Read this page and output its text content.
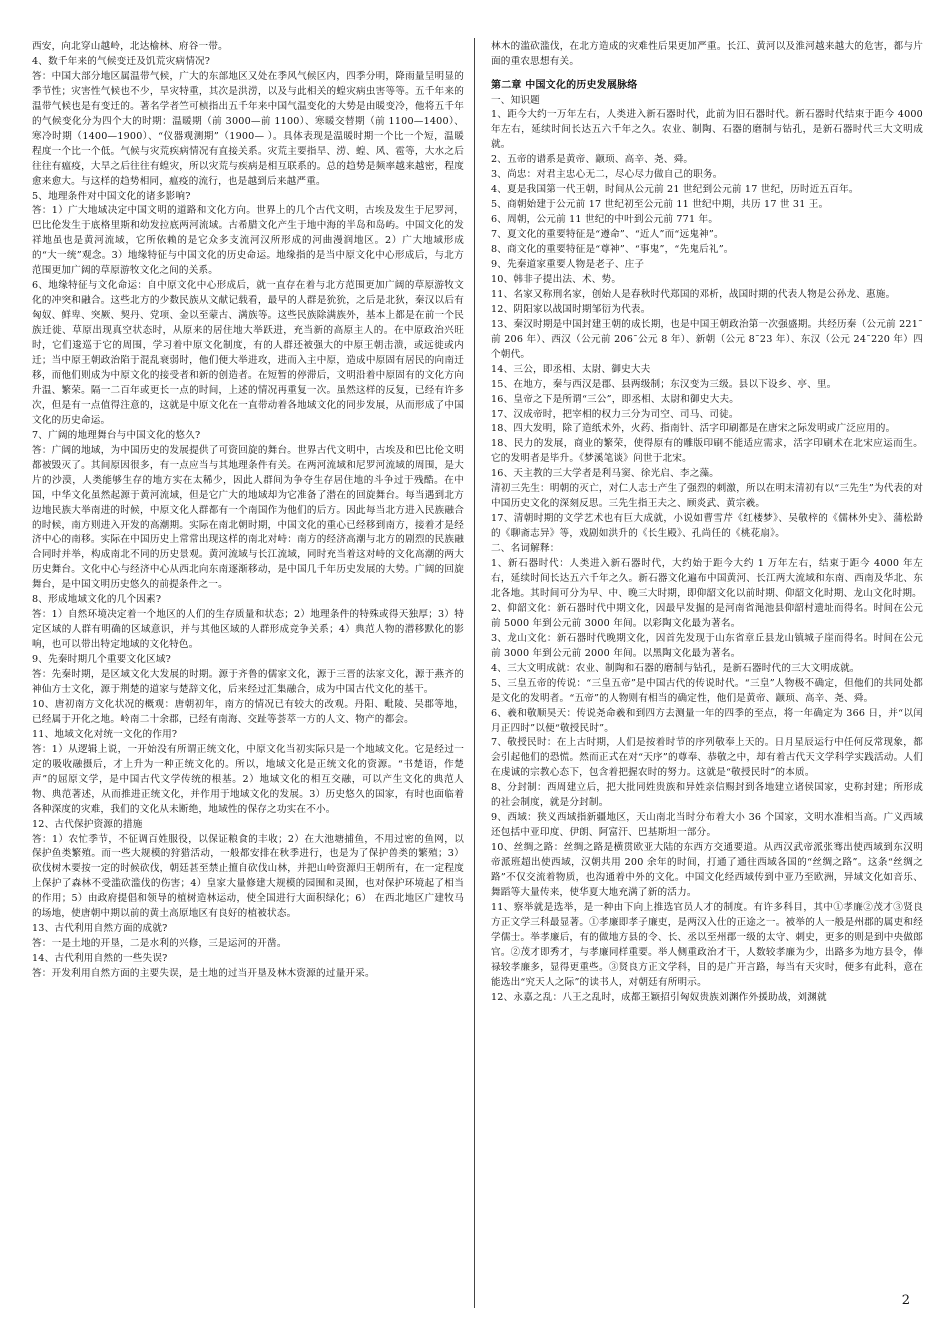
西安，向北穿山越岭，北达榆林、府谷一带。

4、数千年来的气候变迁及饥荒灾病情况?

答：中国大部分地区属温带气候，广大的东部地区又处在季风气候区内，四季分明，降雨量呈明显的季节性；灾害性气候也不少，旱灾特重，其次是洪涝，以及与此相关的蝗灾病虫害等等。五千年来的温带气候也是有变迁的。著名学者竺可桢指出五千年来中国气温变化的大势是由暖变冷，他将五千年的气候变化分为四个大的时期：温暖期（前 3000—前 1100）、寒暖交替期（前 1100—1400）、寒冷时期（1400—1900）、“仪器观测期”（1900— ）。具体表现是温暖时期一个比一个短，温暖程度一个比一个低。气候与灾荒疾病情况有直接关系。灾荒主要指旱、涝、蝗、风、雹等，大水之后往往有瘟疫，大旱之后往往有蝗灾，所以灾荒与疾病是相互联系的。总的趋势是频率越来越密，程度愈来愈大。与这样的趋势相同，瘟疫的流行，也是越到后来越严重。

5、地理条件对中国文化的诸多影响?

答：1）广大地域决定中国文明的道路和文化方向。世界上的几个古代文明，古埃及发生于尼罗河，巴比伦发生于底格里斯和幼发拉底两河流域。古希腊文化产生于地中海的半岛和岛屿。中国文化的发祥地虽也是黄河流域，它所依赖的是它众多支流河汉所形成的河曲漫润地区。2）广大地域形成的“大一统”观念。3）地缘特征与中国文化的历史命运。地缘指的是当中原文化中心形成后，与北方范围更加广阔的草原游牧文化之间的关系。

6、地缘特征与文化命运：自中原文化中心形成后，就一直存在着与北方范围更加广阔的草原游牧文化的冲突和融合。这些北方的少数民族从文献记载看，最早的人群是狁狁，之后是北狄，秦汉以后有匈奴、鲜卑、突厥、契丹、党项、金以至蒙古、满族等。这些民族除满族外，基本上都是在前一个民族迁徙、草原出现真空状态时，从原来的居住地大举跃进，充当新的高原主人的。在中原政治兴旺时，它们逡巡于它的周围，学习着中原文化制度，有的人群还被强大的中原王朝击溃，或远徙或内迁；当中原王朝政治陷于混乱衰弱时，他们便大举进攻，进而入主中原，造成中原固有居民的向南迁移，而他们则成为中原文化的接受者和新的创造者。在短暂的停滞后，文明沿着中原固有的文化方向升温、繁荣。隔一二百年或更长一点的时间，上述的情况再重复一次。虽然这样的反复，已经有许多次，但是有一点值得注意的，这就是中原文化在一直带动着各地域文化的同步发展，从而形成了中国文化的历史命运。

7、广阔的地理舞台与中国文化的悠久?

答：广阔的地域，为中国历史的发展提供了可资回旋的舞台。世界古代文明中，古埃及和巴比伦文明都被毁灭了。其间原因很多，有一点应当与其地理条件有关。在两河流域和尼罗河流域的周围，是大片的沙漠，人类能够生存的地方实在太稀少，因此人群间为争夺生存居住地的斗争过于残酷。在中国，中华文化虽然起源于黄河流域，但是它广大的地域却为它准备了潜在的回旋舞台。每当遇到北方边地民族大举南进的时候，中原文化人群都有一个南国作为他们的后方。因此每当北方进入民族融合的时候，南方则进入开发的高潮期。实际在南北朝时期，中国文化的重心已经移到南方，接着才是经济中心的南移。实际在中国历史上常常出现这样的南北对峙：南方的经济高潮与北方的剧烈的民族融合同时并举，构成南北不同的历史景观。黄河流域与长江流域，同时充当着这对峙的文化高潮的两大历史舞台。文化中心与经济中心从西北向东南逐渐移动，是中国几千年历史发展的大势。广阔的回旋舞台，是中国文明历史悠久的前提条件之一。

8、形成地域文化的几个因素?

答：1）自然环境决定着一个地区的人们的生存质量和状态；2）地理条件的特殊或得天独厚；3）特定区域的人群有明确的区域意识，并与其他区域的人群形成竞争关系；4）典范人物的潜移默化的影响，也可以带出特定地域的文化特色。

9、先秦时期几个重要文化区域?

答：先秦时期，是区域文化大发展的时期。源于齐鲁的儒家文化，源于三晋的法家文化，源于燕齐的神仙方士文化，源于荆楚的道家与楚辞文化，后来经过汇集融合，成为中国古代文化的基干。

10、唐初南方文化状况的概观：唐朝初年，南方的情况已有较大的改观。丹阳、毗陵、吴郡等地，已经属于开化之地。岭南二十余郡，已经有南海、交趾等荟萃一方的人文、物产的都会。

11、地域文化对统一文化的作用?

答：1）从逻辑上说，一开始没有所谓正统文化，中原文化当初实际只是一个地域文化。它是经过一定的吸收融摄后，才上升为一种正统文化的。所以，地域文化是正统文化的资源。“书楚语，作楚声”的屈原文学，是中国古代文学传统的根基。2）地域文化的相互交融，可以产生文化的典范人物、典范著述，从而推进正统文化，并作用于地域文化的发展。3）历史悠久的国家，有时也面临着各种深度的灾难，我们的文化从未断绝，地域性的保存之功实在不小。

12、古代保护资源的措施

答：1）农忙季节，不征调百姓服役，以保证粮食的丰收；2）在大池塘捕鱼，不用过密的鱼网，以保护鱼类繁殖。而一些大规模的狩猎活动，一般都安排在秋季进行，也是为了保护兽类的繁殖；3）砍伐树木要按一定的时候砍伐，朝廷甚至禁止擅自砍伐山林，并把山岭资源归王朝所有，在一定程度上保护了森林不受滥砍滥伐的伤害；4）皇家大量修建大规模的园囿和灵囿，也对保护环境起了相当的作用；5）由政府提倡和领导的植树造林运动，使全国进行大面积绿化；6） 在西北地区广建牧马的场地，使唐朝中期以前的黄土高原地区有良好的植被状态。

13、古代利用自然方面的成就?

答：一是土地的开垦，二是水利的兴修，三是运河的开凿。

14、古代利用自然的一些失误?

答：开发利用自然方面的主要失误，是土地的过当开垦及林木资源的过量开采。

林木的滥砍滥伐，在北方造成的灾难性后果更加严重。长江、黄河以及淮河越来越大的危害，都与片面的重农思想有关。

第二章 中国文化的历史发展脉络

一、知识题

1、距今大约一万年左右，人类进入新石器时代，此前为旧石器时代。新石器时代结束于距今 4000 年左右，延续时间长达五六千年之久。农业、制陶、石器的磨制与钻孔，是新石器时代三大文明成就。

2、五帝的谱系是黄帝、颛顼、高辛、尧、舜。

3、尚忠：对君主忠心无二，尽心尽力做自己的职务。

4、夏是我国第一代王朝，时间从公元前 21 世纪到公元前 17 世纪，历时近五百年。

5、商朝始建于公元前 17 世纪初至公元前 11 世纪中期，共历 17 世 31 王。

6、周朝，公元前 11 世纪的中叶到公元前 771 年。

7、夏文化的重要特征是“遵命”、“近人”而“远鬼神”。

8、商文化的重要特征是“尊神”、“事鬼”，“先鬼后礼”。

9、先秦道家重要人物是老子、庄子

10、韩非子提出法、术、势。

11、名家又称刑名家，创始人是春秋时代郑国的邓析，战国时期的代表人物是公孙龙、惠施。

12、阴阳家以战国时期邹衍为代表。

13、秦汉时期是中国封建王朝的成长期，也是中国王朝政治第一次强盛期。共经历秦（公元前 221˜前 206 年）、西汉（公元前 206˜公元 8 年）、新朝（公元 8˜23 年）、东汉（公元 24˜220 年）四个朝代。

14、三公，即丞相、太尉、御史大夫

15、在地方，秦与西汉是郡、县两级制；东汉变为三级。县以下设乡、亭、里。

16、皇帝之下是所谓“三公”，即丞相、太尉和御史大夫。

17、汉成帝时，把宰相的权力三分为司空、司马、司徒。

18、四大发明，除了造纸术外，火药、指南针、活字印刷都是在唐宋之际发明或广泛应用的。

18、民力的发展，商业的繁荣，使得原有的雕版印刷不能适应需求，活字印刷术在北宋应运而生。它的发明者是毕升。《梦溪笔谈》问世于北宋。

16、天主教的三大学者是利马窦、徐光启、李之藻。

清初三先生：明朝的灭亡，对仁人志士产生了强烈的刺激，所以在明末清初有以“三先生”为代表的对中国历史文化的深刻反思。三先生指王夫之、顾炎武、黄宗羲。

17、清朝时期的文学艺术也有巨大成就，小说如曹雪芹《红楼梦》、吴敬梓的《儒林外史》、蒲松龄的《聊斋志异》等，戏剧如洪升的《长生殿》、孔尚任的《桃花扇》。

二、名词解释：

1、新石器时代：人类进入新石器时代，大约始于距今大约 1 万年左右，结束于距今 4000 年左右，延续时间长达五六千年之久。新石器文化遍布中国黄河、长江两大流域和东南、西南及华北、东北各地。其时间可分为早、中、晚三大时期，即仰韶文化以前时期、仰韶文化时期、龙山文化时期。

2、仰韶文化：新石器时代中期文化，因最早发掘的是河南省渑池县仰韶村遗址而得名。时间在公元前 5000 年到公元前 3000 年间。以彩陶文化最为著名。

3、龙山文化：新石器时代晚期文化，因首先发现于山东省章丘县龙山镇城子崖而得名。时间在公元前 3000 年到公元前 2000 年间。以黑陶文化最为著名。

4、三大文明成就：农业、制陶和石器的磨制与钻孔，是新石器时代的三大文明成就。

5、三皇五帝的传说：“三皇五帝”是中国古代的传说时代。“三皇”人物极不确定，但他们的共同处都是文化的发明者。“五帝”的人物则有相当的确定性，他们是黄帝、颛顼、高辛、尧、舜。

6、羲和敬顺昊天：传说尧命羲和到四方去测量一年的四季的至点，将一年确定为 366 日，并“以闰月正四时”以便“敬授民时”。

7、敬授民时：在上古时期，人们是按着时节的序列敬奉上天的。日月星辰运行中任何反常现象，都会引起他们的恐慌。然而正式在对“天序”的尊奉、恭敬之中，却有着古代天文学科学实践活动。人们在虔诚的宗教心态下，包含着把握农时的努力。这就是“敬授民时”的本质。

8、分封制：西周建立后，把大批同姓贵族和异姓亲信赐封到各地建立诸侯国家，史称封建；所形成的社会制度，就是分封制。

9、西域：狭义西域指新疆地区，天山南北当时分布着大小 36 个国家，文明水准相当高。广义西域还包括中亚印度、伊朗、阿富汗、巴基斯坦一部分。

10、丝绸之路：丝绸之路是横贯欧亚大陆的东西方交通要道。从西汉武帝派张骞出使西域到东汉明帝派班超出使西域，汉朝共用 200 余年的时间，打通了通往西域各国的“丝绸之路”。这条“丝绸之路”不仅交流着物质，也沟通着中外的文化。中国文化经西域传到中亚乃至欧洲，异域文化如音乐、舞蹈等大量传来，使华夏大地充满了新的活力。

11、察举就是选举，是一种由下向上推选官员人才的制度。有许多科目，其中①孝廉②茂才③贤良方正文学三科最显著。①孝廉即孝子廉吏，是两汉入仕的正途之一。被举的人一般是州郡的属吏和经学儒士。举孝廉后，有的做地方县的令、长、丞以至州郡一级的太守、刺史，更多的则是到中央做郎官。②茂才即秀才，与孝廉同样重要。举人侧重政治才干，人数较孝廉为少，出路多为地方县令，俸禄较孝廉多，显得更重些。③贤良方正文学科，目的是广开言路，每当有天灾时，便多有此科，意在能选出“究天人之际”的读书人，对朝廷有所明示。

12、永嘉之乱：八王之乱时，成都王颖招引匈奴贵族刘渊作外援助战，刘渊就

2
